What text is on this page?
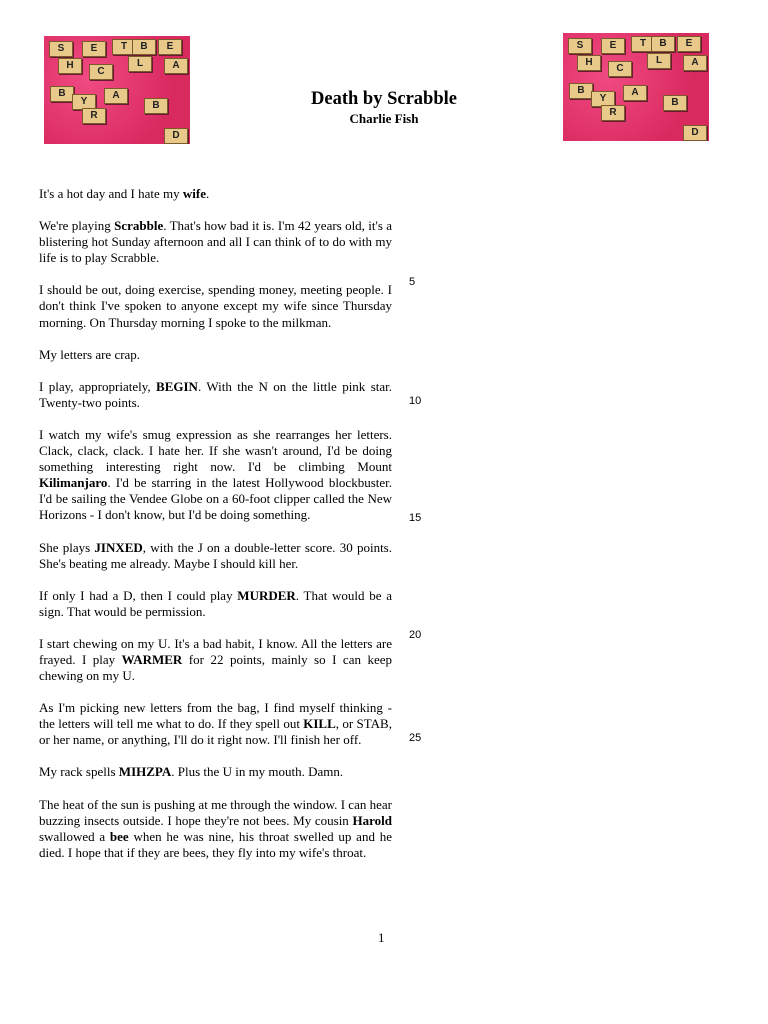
S	E	T	B	E
H
C
L	A
B
Y
A
R
B
D
S	E	T	B	E
H
C
L	A
B
Y
A
R
B
D
Death by Scrabble
Charlie Fish

It's a hot day and I hate my wife.

We're playing Scrabble. That's how bad it is. I'm 42 years old, it's a blistering hot Sunday afternoon and all I can think of to do with my life is to play Scrabble.

I should be out, doing exercise, spending money, meeting people. I don't think I've spoken to anyone except my wife since Thursday morning. On Thursday morning I spoke to the milkman.

My letters are crap.

I play, appropriately, BEGIN. With the N on the little pink star. Twenty-two points.

I watch my wife's smug expression as she rearranges her letters. Clack, clack, clack. I hate her. If she wasn't around, I'd be doing something interesting right now. I'd be climbing Mount Kilimanjaro. I'd be starring in the latest Hollywood blockbuster. I'd be sailing the Vendee Globe on a 60-foot clipper called the New Horizons - I don't know, but I'd be doing something.

She plays JINXED, with the J on a double-letter score. 30 points. She's beating me already. Maybe I should kill her.

If only I had a D, then I could play MURDER. That would be a sign. That would be permission.

I start chewing on my U. It's a bad habit, I know. All the letters are frayed. I play WARMER for 22 points, mainly so I can keep chewing on my U.

As I'm picking new letters from the bag, I find myself thinking - the letters will tell me what to do. If they spell out KILL, or STAB, or her name, or anything, I'll do it right now. I'll finish her off.

My rack spells MIHZPA. Plus the U in my mouth. Damn.

The heat of the sun is pushing at me through the window. I can hear buzzing insects outside. I hope they're not bees. My cousin Harold swallowed a bee when he was nine, his throat swelled up and he died. I hope that if they are bees, they fly into my wife's throat.

5
10
15
20
25
1
